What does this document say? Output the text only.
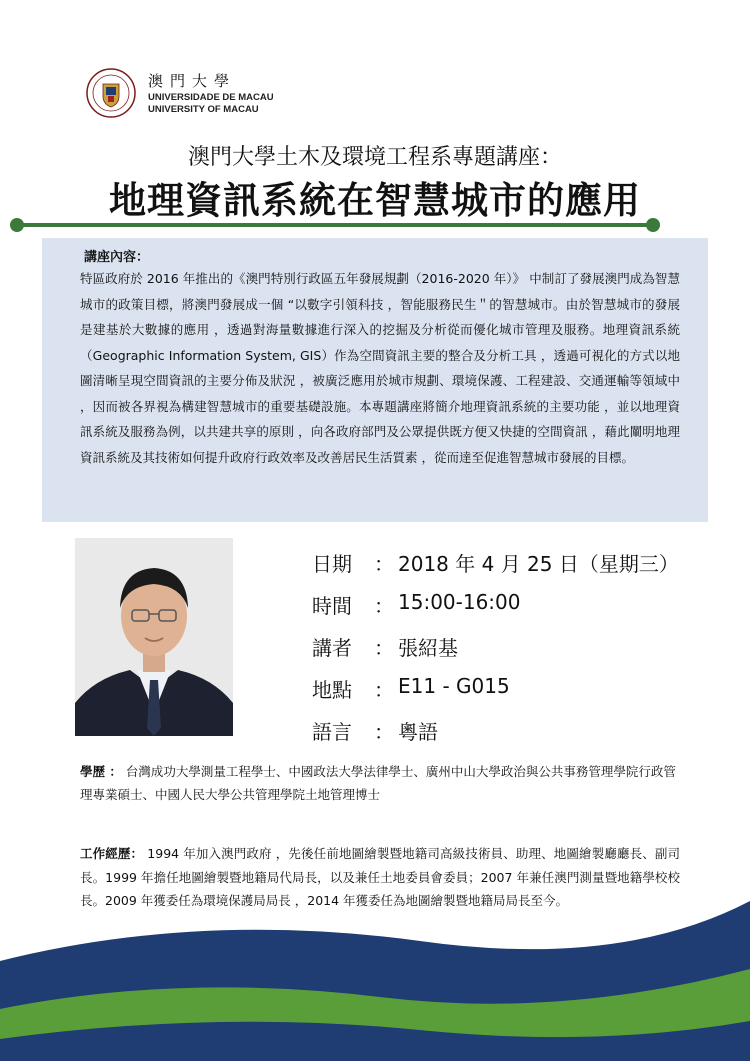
澳門大學
UNIVERSIDADE DE MACAU
UNIVERSITY OF MACAU
澳門大學土木及環境工程系專題講座：
地理資訊系統在智慧城市的應用
講座內容：
特區政府於 2016 年推出的《澳門特別行政區五年發展規劃（2016-2020 年）》 中制訂了發展澳門成為智慧城市的政策目標，將澳門發展成一個 “以數字引領科技 ，智能服務民生＂的智慧城市。由於智慧城市的發展是建基於大數據的應用 ，透過對海量數據進行深入的挖掘及分析從而優化城市管理及服務。地理資訊系統（Geographic Information System, GIS）作為空間資訊主要的整合及分析工具 ，透過可視化的方式以地圖清晰呈現空間資訊的主要分佈及狀況 ，被廣泛應用於城市規劃、環境保護、工程建設、交通運輸等領域中 ，因而被各界視為構建智慧城市的重要基礎設施。本專題講座將簡介地理資訊系統的主要功能 ，並以地理資訊系統及服務為例，以共建共享的原則 ，向各政府部門及公眾提供既方便又快捷的空間資訊 ，藉此闡明地理資訊系統及其技術如何提升政府行政效率及改善居民生活質素 ，從而達至促進智慧城市發展的目標。
日期	： 2018 年 4 月 25 日（星期三）
時間	： 15:00-16:00
講者	： 張紹基
地點	： E11 - G015
語言	： 粵語
學歷 ： 台灣成功大學測量工程學士、中國政法大學法律學士、廣州中山大學政治與公共事務管理學院行政管理專業碩士、中國人民大學公共管理學院土地管理博士
工作經歷： 1994 年加入澳門政府 ，先後任前地圖繪製暨地籍司高級技術員、助理、地圖繪製廳廳長、副司長。1999 年擔任地圖繪製暨地籍局代局長，以及兼任土地委員會委員；2007 年兼任澳門測量暨地籍學校校長。2009 年獲委任為環境保護局局長 ，2014 年獲委任為地圖繪製暨地籍局局長至今。
